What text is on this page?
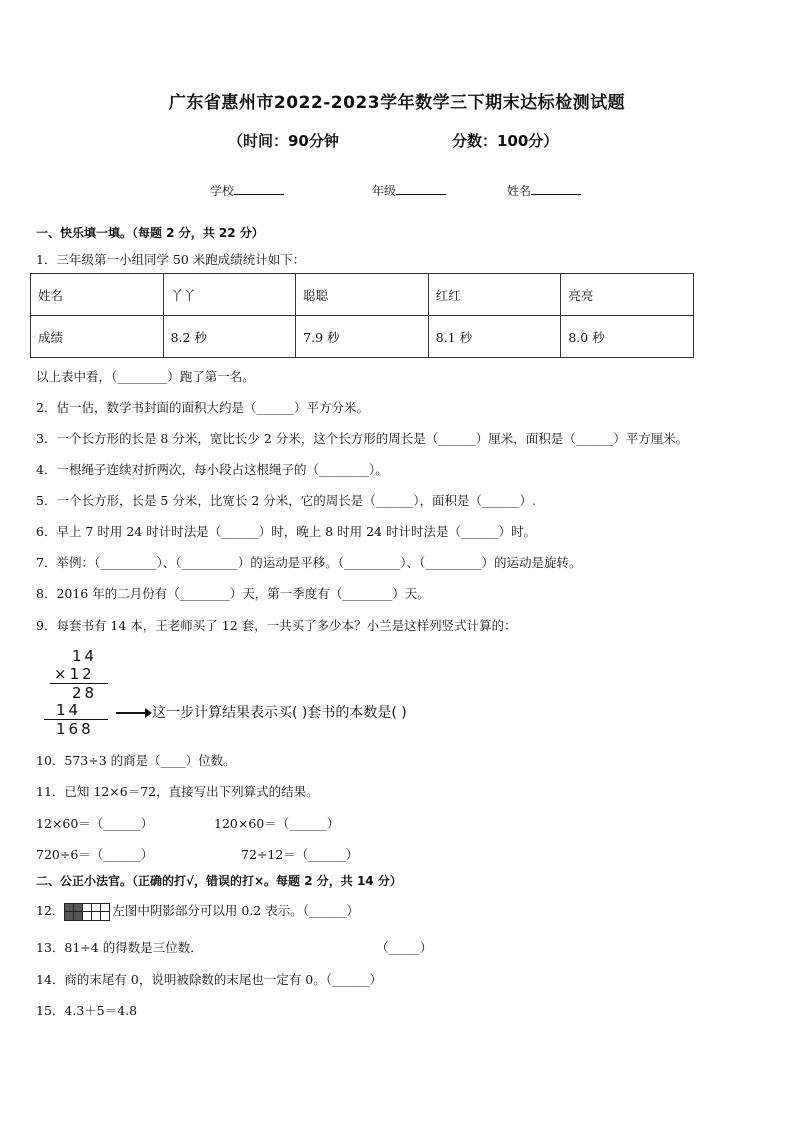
广东省惠州市2022-2023学年数学三下期末达标检测试题
（时间：90分钟	分数：100分）
学校	年级	姓名
一、快乐填一填。（每题 2 分，共 22 分）
1．三年级第一小组同学 50 米跑成绩统计如下：
姓名	丫丫	聪聪	红红	亮亮
成绩	8.2 秒	7.9 秒	8.1 秒	8.0 秒
以上表中看，（________）跑了第一名。
2．估一估，数学书封面的面积大约是（______）平方分米。
3．一个长方形的长是 8 分米，宽比长少 2 分米，这个长方形的周长是（______）厘米，面积是（______）平方厘米。
4．一根绳子连续对折两次，每小段占这根绳子的（________）。
5．一个长方形，长是 5 分米，比宽长 2 分米，它的周长是（______），面积是（______）.
6．早上 7 时用 24 时计时法是（______）时，晚上 8 时用 24 时计时法是（______）时。
7．举例：（_________）、（_________）的运动是平移。（_________）、（_________）的运动是旋转。
8．2016 年的二月份有（________）天，第一季度有（________）天。
9．每套书有 14 本，王老师买了 12 套，一共买了多少本？小兰是这样列竖式计算的：
14
×12
28
14
168
这一步计算结果表示买( )套书的本数是( )
10．573÷3 的商是（____）位数。
11．已知 12×6＝72，直接写出下列算式的结果。
12×60＝（______）	120×60＝（______）
720÷6＝（______）	72÷12＝（______）
二、公正小法官。（正确的打√，错误的打×。每题 2 分，共 14 分）
12．	左图中阴影部分可以用 0.2 表示。（______）
13．81÷4 的得数是三位数．	（_____）
14．商的末尾有 0，说明被除数的末尾也一定有 0。（______）
15．4.3＋5＝4.8
